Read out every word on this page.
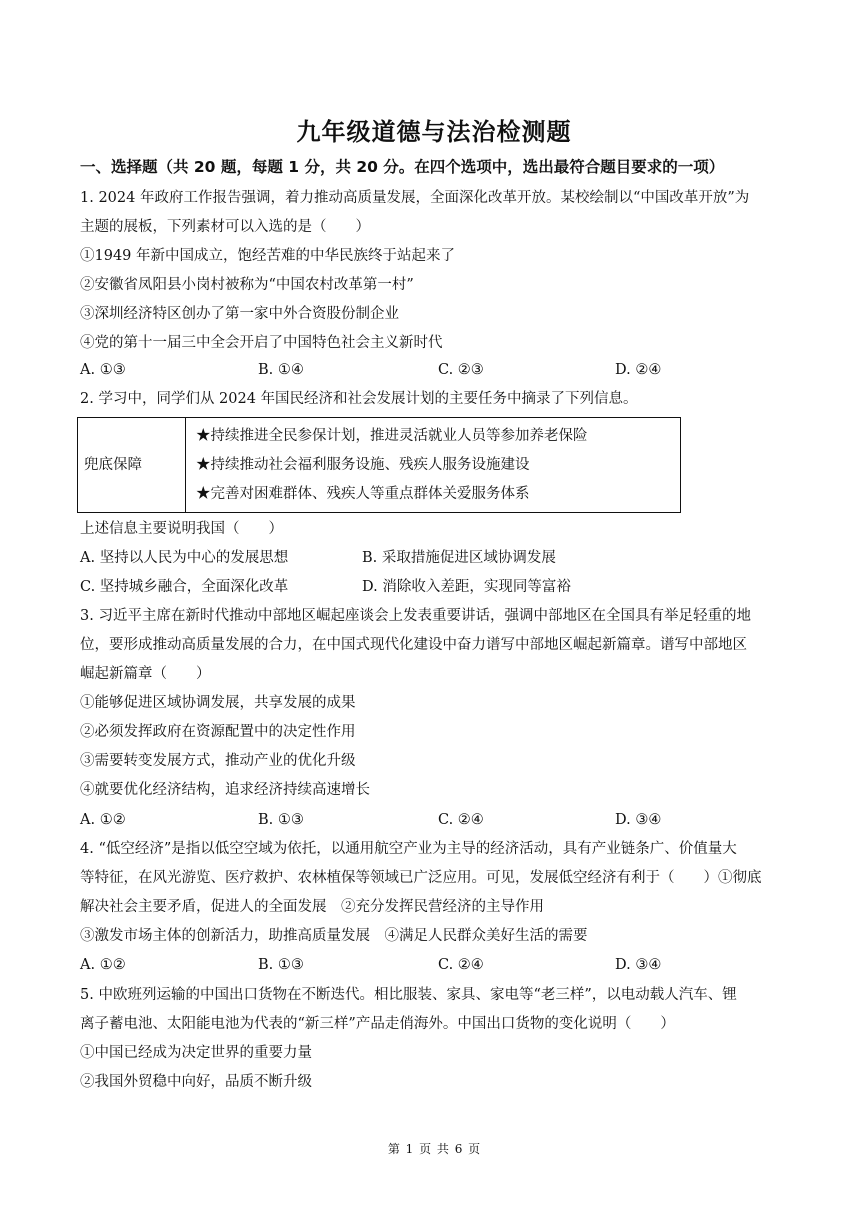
九年级道德与法治检测题
一、选择题（共 20 题，每题 1 分，共 20 分。在四个选项中，选出最符合题目要求的一项）
1. 2024 年政府工作报告强调，着力推动高质量发展，全面深化改革开放。某校绘制以“中国改革开放”为
主题的展板，下列素材可以入选的是（　　）
①1949 年新中国成立，饱经苦难的中华民族终于站起来了
②安徽省凤阳县小岗村被称为“中国农村改革第一村”
③深圳经济特区创办了第一家中外合资股份制企业
④党的第十一届三中全会开启了中国特色社会主义新时代
A. ①③	B. ①④	C. ②③	D. ②④
2. 学习中，同学们从 2024 年国民经济和社会发展计划的主要任务中摘录了下列信息。
兜底保障
★持续推进全民参保计划，推进灵活就业人员等参加养老保险
★持续推动社会福利服务设施、残疾人服务设施建设
★完善对困难群体、残疾人等重点群体关爱服务体系
上述信息主要说明我国（　　）
A. 坚持以人民为中心的发展思想	B. 采取措施促进区域协调发展
C. 坚持城乡融合，全面深化改革	D. 消除收入差距，实现同等富裕
3. 习近平主席在新时代推动中部地区崛起座谈会上发表重要讲话，强调中部地区在全国具有举足轻重的地
位，要形成推动高质量发展的合力，在中国式现代化建设中奋力谱写中部地区崛起新篇章。谱写中部地区
崛起新篇章（　　）
①能够促进区域协调发展，共享发展的成果
②必须发挥政府在资源配置中的决定性作用
③需要转变发展方式，推动产业的优化升级
④就要优化经济结构，追求经济持续高速增长
A. ①②	B. ①③	C. ②④	D. ③④
4. “低空经济”是指以低空空域为依托，以通用航空产业为主导的经济活动，具有产业链条广、价值量大
等特征，在风光游览、医疗救护、农林植保等领域已广泛应用。可见，发展低空经济有利于（　　）①彻底
解决社会主要矛盾，促进人的全面发展　②充分发挥民营经济的主导作用
③激发市场主体的创新活力，助推高质量发展　④满足人民群众美好生活的需要
A. ①②	B. ①③	C. ②④	D. ③④
5. 中欧班列运输的中国出口货物在不断迭代。相比服装、家具、家电等“老三样”，以电动载人汽车、锂
离子蓄电池、太阳能电池为代表的“新三样”产品走俏海外。中国出口货物的变化说明（　　）
①中国已经成为决定世界的重要力量
②我国外贸稳中向好，品质不断升级
第 1 页 共 6 页
